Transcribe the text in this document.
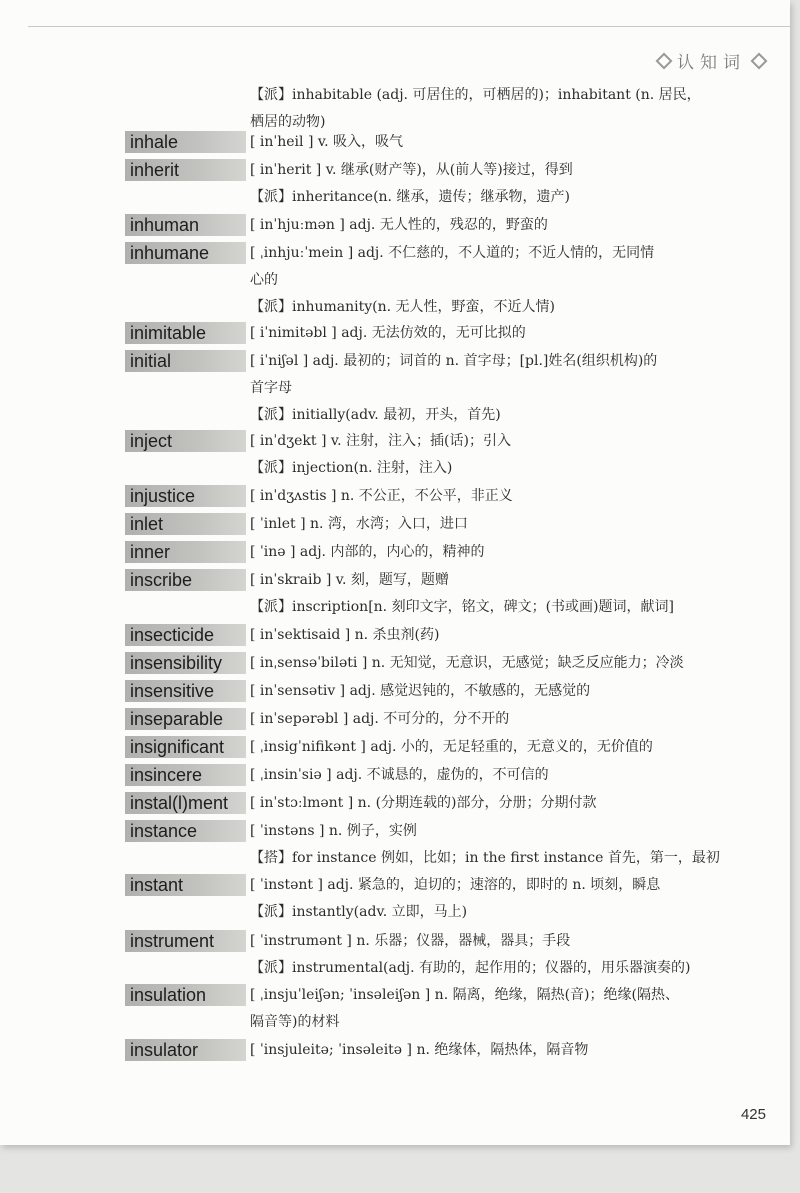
认知词
【派】inhabitable (adj. 可居住的，可栖居的)；inhabitant (n. 居民，
栖居的动物)
inhale	[ inˈheil ] v. 吸入，吸气
inherit	[ inˈherit ] v. 继承(财产等)，从(前人等)接过，得到
【派】inheritance(n. 继承，遗传；继承物，遗产)
inhuman	[ inˈhjuːmən ] adj. 无人性的，残忍的，野蛮的
inhumane	[ ˌinhjuːˈmein ] adj. 不仁慈的，不人道的；不近人情的，无同情
心的
【派】inhumanity(n. 无人性，野蛮，不近人情)
inimitable	[ iˈnimitəbl ] adj. 无法仿效的，无可比拟的
initial	[ iˈniʃəl ] adj. 最初的；词首的 n. 首字母；[pl.]姓名(组织机构)的
首字母
【派】initially(adv. 最初，开头，首先)
inject	[ inˈdʒekt ] v. 注射，注入；插(话)；引入
【派】injection(n. 注射，注入)
injustice	[ inˈdʒʌstis ] n. 不公正，不公平，非正义
inlet	[ ˈinlet ] n. 湾，水湾；入口，进口
inner	[ ˈinə ] adj. 内部的，内心的，精神的
inscribe	[ inˈskraib ] v. 刻，题写，题赠
【派】inscription[n. 刻印文字，铭文，碑文；(书或画)题词，献词]
insecticide	[ inˈsektisaid ] n. 杀虫剂(药)
insensibility	[ inˌsensəˈbiləti ] n. 无知觉，无意识，无感觉；缺乏反应能力；冷淡
insensitive	[ inˈsensətiv ] adj. 感觉迟钝的，不敏感的，无感觉的
inseparable	[ inˈsepərəbl ] adj. 不可分的，分不开的
insignificant	[ ˌinsigˈnifikənt ] adj. 小的，无足轻重的，无意义的，无价值的
insincere	[ ˌinsinˈsiə ] adj. 不诚恳的，虚伪的，不可信的
instal(l)ment	[ inˈstɔːlmənt ] n. (分期连载的)部分，分册；分期付款
instance	[ ˈinstəns ] n. 例子，实例
【搭】for instance 例如，比如；in the first instance 首先，第一，最初
instant	[ ˈinstənt ] adj. 紧急的，迫切的；速溶的，即时的 n. 顷刻，瞬息
【派】instantly(adv. 立即，马上)
instrument	[ ˈinstrumənt ] n. 乐器；仪器，器械，器具；手段
【派】instrumental(adj. 有助的，起作用的；仪器的，用乐器演奏的)
insulation	[ ˌinsjuˈleiʃən; ˈinsəleiʃən ] n. 隔离，绝缘，隔热(音)；绝缘(隔热、
隔音等)的材料
insulator	[ ˈinsjuleitə; ˈinsəleitə ] n. 绝缘体，隔热体，隔音物
425
